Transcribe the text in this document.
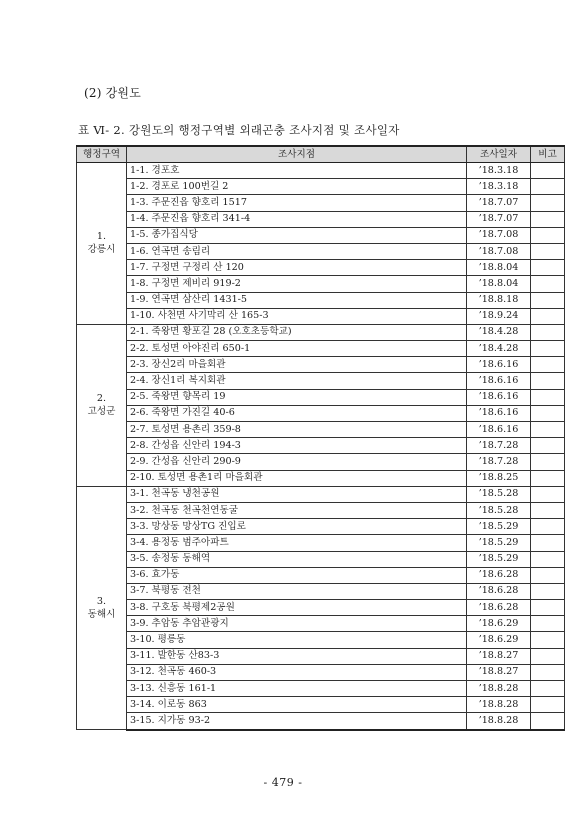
(2) 강원도
표 Ⅵ- 2. 강원도의 행정구역별 외래곤충 조사지점 및 조사일자
행정구역	조사지점	조사일자	비고

1.
강릉시	1-1. 경포호	’18.3.18	
	1-2. 경포로 100번길 2	’18.3.18	
	1-3. 주문진읍 향호리 1517	’18.7.07	
	1-4. 주문진읍 향호리 341-4	’18.7.07	
	1-5. 종가집식당	’18.7.08	
	1-6. 연곡면 송림리	’18.7.08	
	1-7. 구정면 구정리 산 120	’18.8.04	
	1-8. 구정면 제비리 919-2	’18.8.04	
	1-9. 연곡면 삼산리 1431-5	’18.8.18	
	1-10. 사천면 사기막리 산 165-3	’18.9.24	

2.
고성군	2-1. 죽왕면 황포길 28 (오호초등학교)	’18.4.28	
	2-2. 토성면 아야진리 650-1	’18.4.28	
	2-3. 장신2리 마을회관	’18.6.16	
	2-4. 장신1리 복지회관	’18.6.16	
	2-5. 죽왕면 향목리 19	’18.6.16	
	2-6. 죽왕면 가진길 40-6	’18.6.16	
	2-7. 토성면 용촌리 359-8	’18.6.16	
	2-8. 간성읍 신안리 194-3	’18.7.28	
	2-9. 간성읍 신안리 290-9	’18.7.28	
	2-10. 토성면 용촌1리 마을회관	’18.8.25	

3.
동해시	3-1. 천곡동 냉천공원	’18.5.28	
	3-2. 천곡동 천곡천연동굴	’18.5.28	
	3-3. 망상동 망상TG 진입로	’18.5.29	
	3-4. 용정동 범주아파트	’18.5.29	
	3-5. 송정동 동해역	’18.5.29	
	3-6. 효가동	’18.6.28	
	3-7. 북평동 전천	’18.6.28	
	3-8. 구호동 북평제2공원	’18.6.28	
	3-9. 추암동 추암관광지	’18.6.29	
	3-10. 평릉동	’18.6.29	
	3-11. 발한동 산83-3	’18.8.27	
	3-12. 천곡동 460-3	’18.8.27	
	3-13. 신흥동 161-1	’18.8.28	
	3-14. 이로동 863	’18.8.28	
	3-15. 지가동 93-2	’18.8.28	
- 479 -
